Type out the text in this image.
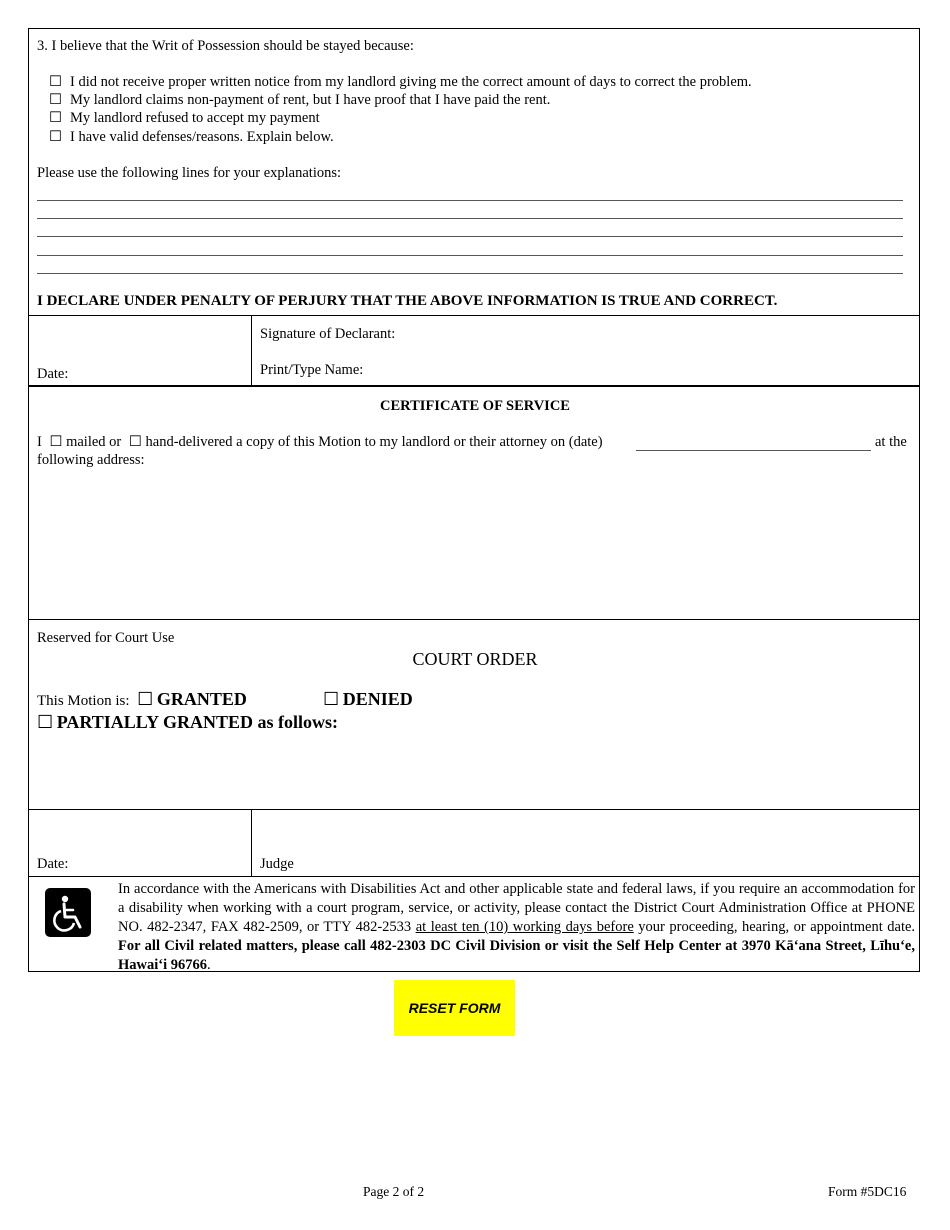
3. I believe that the Writ of Possession should be stayed because:
☐ I did not receive proper written notice from my landlord giving me the correct amount of days to correct the problem.
☐ My landlord claims non-payment of rent, but I have proof that I have paid the rent.
☐ My landlord refused to accept my payment
☐ I have valid defenses/reasons. Explain below.
Please use the following lines for your explanations:
I DECLARE UNDER PENALTY OF PERJURY THAT THE ABOVE INFORMATION IS TRUE AND CORRECT.
Date:
Signature of Declarant:
Print/Type Name:
CERTIFICATE OF SERVICE
I ☐ mailed or ☐ hand-delivered a copy of this Motion to my landlord or their attorney on (date)	at the
following address:
Reserved for Court Use
COURT ORDER
This Motion is: ☐ GRANTED	☐ DENIED
☐ PARTIALLY GRANTED as follows:
Date:	Judge
In accordance with the Americans with Disabilities Act and other applicable state and federal laws, if you require an accommodation for a disability when working with a court program, service, or activity, please contact the District Court Administration Office at PHONE NO. 482-2347, FAX 482-2509, or TTY 482-2533 at least ten (10) working days before your proceeding, hearing, or appointment date. For all Civil related matters, please call 482-2303 DC Civil Division or visit the Self Help Center at 3970 Kāʻana Street, Līhuʻe, Hawaiʻi 96766.
RESET FORM
Page 2 of 2	Form #5DC16
